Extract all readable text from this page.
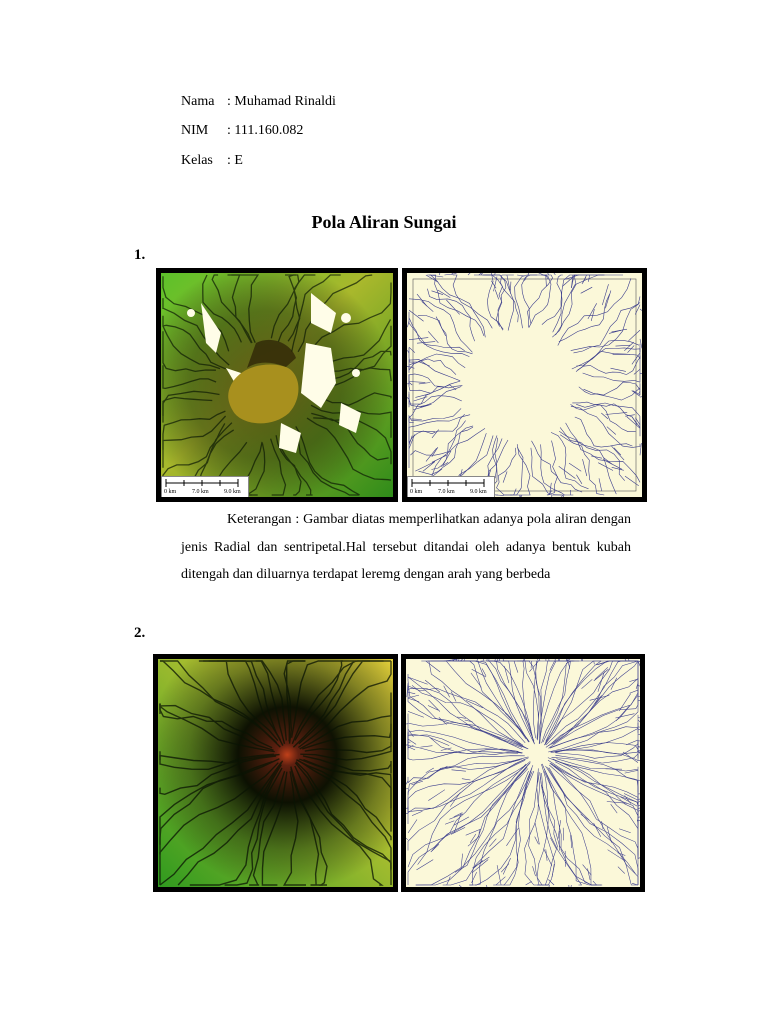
Nama : Muhamad Rinaldi
NIM : 111.160.082
Kelas : E
Pola Aliran Sungai
1.
0 km	7.0 km	9.0 km	0 km	7.0 km	9.0 km
Keterangan : Gambar diatas memperlihatkan adanya pola aliran dengan jenis Radial dan sentripetal.Hal tersebut ditandai oleh adanya bentuk kubah ditengah dan diluarnya terdapat leremg dengan arah yang berbeda
2.
